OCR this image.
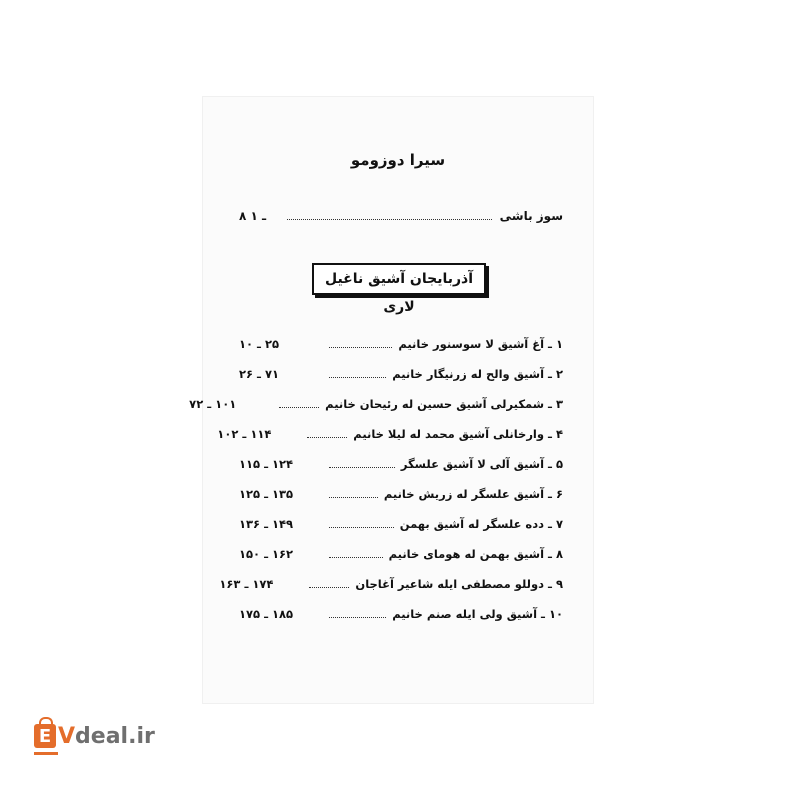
سیرا دوزومو
سوز باشی
۸ ـ ۱
آذربایجان آشیق ناغیل لاری
۱ ـ آغ آشیق لا سوسنور خانیم
۲۵ ـ ۱۰
۲ ـ آشیق والح له زرنیگار خانیم
۷۱ ـ ۲۶
۳ ـ شمکیرلی آشیق حسین له رئیحان خانیم
۱۰۱ ـ ۷۲
۴ ـ وارخانلی آشیق محمد له لیلا خانیم
۱۱۴ ـ ۱۰۲
۵ ـ آشیق آلی لا آشیق علسگر
۱۲۴ ـ ۱۱۵
۶ ـ آشیق علسگر له زریش خانیم
۱۳۵ ـ ۱۲۵
۷ ـ دده علسگر له آشیق بهمن
۱۴۹ ـ ۱۳۶
۸ ـ آشیق بهمن له هومای خانیم
۱۶۲ ـ ۱۵۰
۹ ـ دوللو مصطفی ایله شاعیر آغاجان
۱۷۴ ـ ۱۶۳
۱۰ ـ آشیق ولی ایله صنم خانیم
۱۸۵ ـ ۱۷۵
E Vdeal.ir
